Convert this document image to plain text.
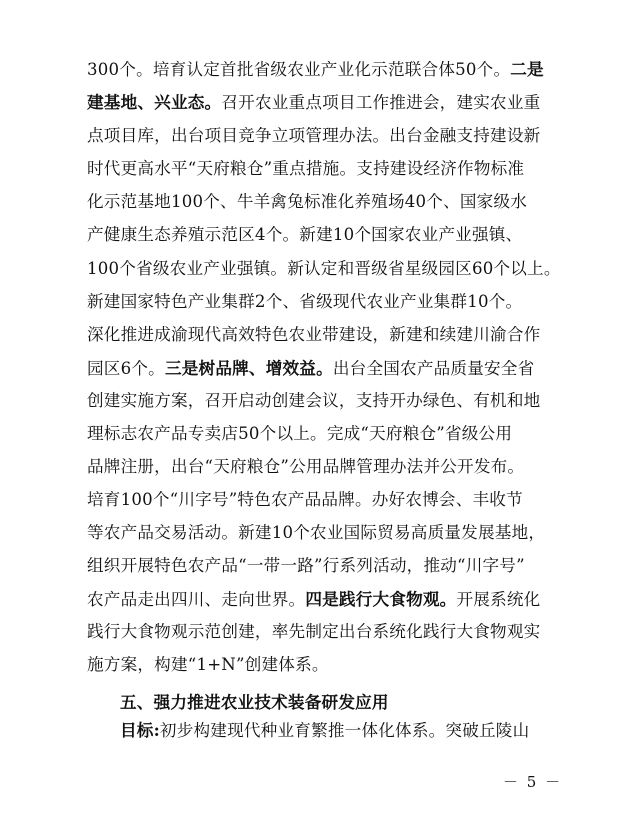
300个。培育认定首批省级农业产业化示范联合体50个。二是
建基地、兴业态。召开农业重点项目工作推进会，建实农业重
点项目库，出台项目竞争立项管理办法。出台金融支持建设新
时代更高水平“天府粮仓”重点措施。支持建设经济作物标准
化示范基地100个、牛羊禽兔标准化养殖场40个、国家级水
产健康生态养殖示范区4个。新建10个国家农业产业强镇、
100个省级农业产业强镇。新认定和晋级省星级园区60个以上。
新建国家特色产业集群2个、省级现代农业产业集群10个。
深化推进成渝现代高效特色农业带建设，新建和续建川渝合作
园区6个。三是树品牌、增效益。出台全国农产品质量安全省
创建实施方案，召开启动创建会议，支持开办绿色、有机和地
理标志农产品专卖店50个以上。完成“天府粮仓”省级公用
品牌注册，出台“天府粮仓”公用品牌管理办法并公开发布。
培育100个“川字号”特色农产品品牌。办好农博会、丰收节
等农产品交易活动。新建10个农业国际贸易高质量发展基地，
组织开展特色农产品“一带一路”行系列活动，推动“川字号”
农产品走出四川、走向世界。四是践行大食物观。开展系统化
践行大食物观示范创建，率先制定出台系统化践行大食物观实
施方案，构建“1+N”创建体系。
五、强力推进农业技术装备研发应用
目标:初步构建现代种业育繁推一体化体系。突破丘陵山
－ 5 －
